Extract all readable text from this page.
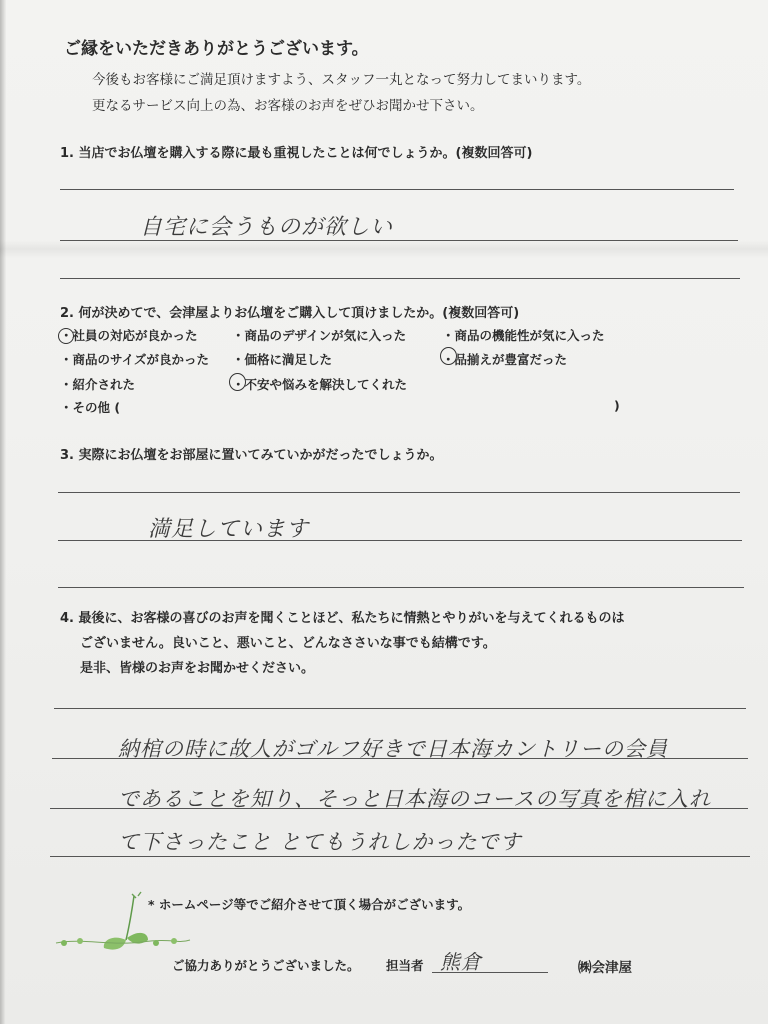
ご縁をいただきありがとうございます。
今後もお客様にご満足頂けますよう、スタッフ一丸となって努力してまいります。
更なるサービス向上の為、お客様のお声をぜひお聞かせ下さい。
1. 当店でお仏壇を購入する際に最も重視したことは何でしょうか。(複数回答可)
自宅に会うものが欲しい
2. 何が決めてで、会津屋よりお仏壇をご購入して頂けましたか。(複数回答可)
・社員の対応が良かった	・商品のデザインが気に入った	・商品の機能性が気に入った
・商品のサイズが良かった ・価格に満足した	・品揃えが豊富だった
・紹介された	・不安や悩みを解決してくれた
・その他 (	)
3. 実際にお仏壇をお部屋に置いてみていかがだったでしょうか。
満足しています
4. 最後に、お客様の喜びのお声を聞くことほど、私たちに情熱とやりがいを与えてくれるものは
ございません。良いこと、悪いこと、どんなささいな事でも結構です。
是非、皆様のお声をお聞かせください。
納棺の時に故人がゴルフ好きで日本海カントリーの会員
であることを知り、そっと日本海のコースの写真を棺に入れ
て下さったこと とてもうれしかったです
* ホームページ等でご紹介させて頂く場合がございます。
ご協力ありがとうございました。 担当者 熊倉	㈱会津屋
